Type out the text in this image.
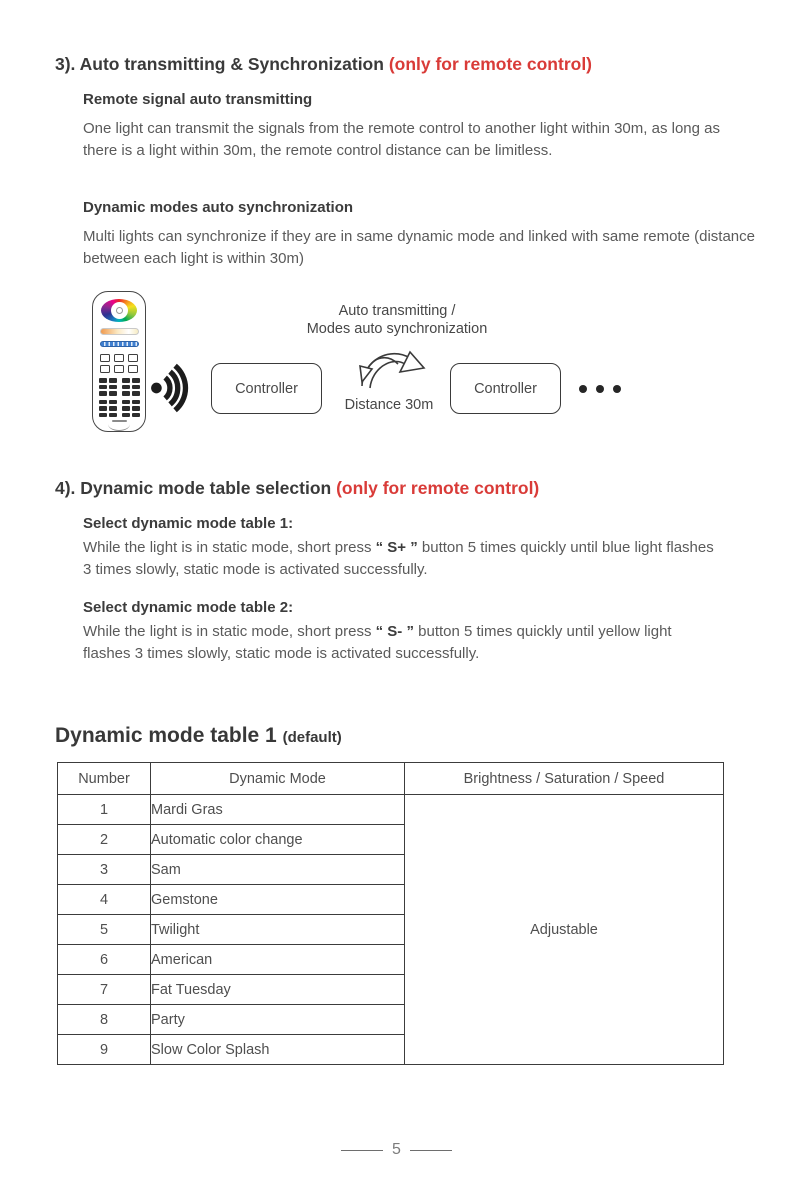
3). Auto transmitting & Synchronization (only for remote control)
Remote signal auto transmitting
One light can transmit the signals from the remote control to another light within 30m, as long as there is a light within 30m, the remote control distance can be limitless.
Dynamic modes auto synchronization
Multi lights can synchronize if they are in same dynamic mode and linked with same remote (distance between each light is within 30m)
Controller
Auto transmitting /
Modes auto synchronization
Distance 30m
Controller
4). Dynamic mode table selection (only for remote control)
Select dynamic mode table 1:
While the light is in static mode, short press “ S+ ” button 5 times quickly until blue light flashes 3 times slowly, static mode is activated successfully.
Select dynamic mode table 2:
While the light is in static mode, short press “ S- ” button 5 times quickly until yellow light flashes 3 times slowly, static mode is activated successfully.
Dynamic mode table 1 (default)
Number	Dynamic Mode	Brightness / Saturation / Speed
1	Mardi Gras	Adjustable
2	Automatic color change	
3	Sam	
4	Gemstone	
5	Twilight	
6	American	
7	Fat Tuesday	
8	Party	
9	Slow Color Splash	
5
